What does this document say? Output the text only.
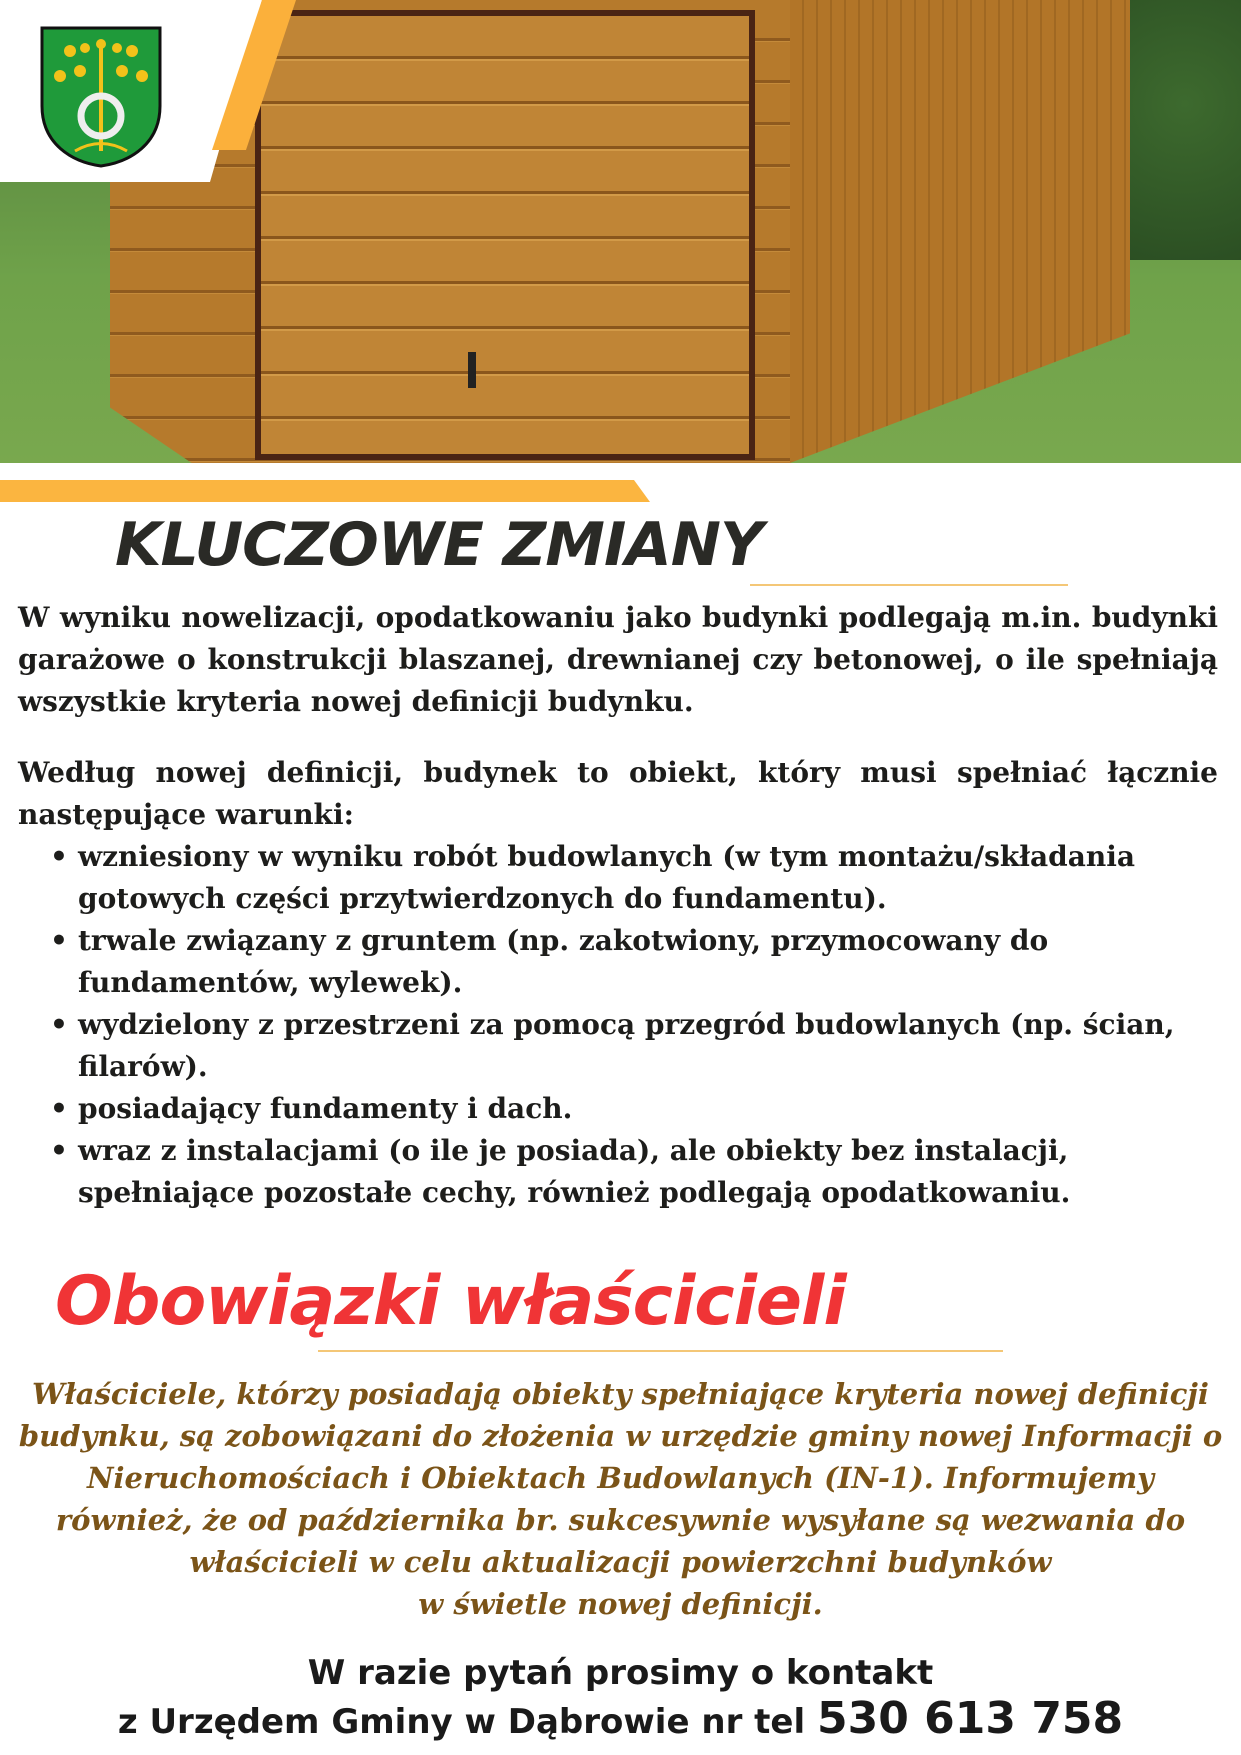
KLUCZOWE ZMIANY

W wyniku nowelizacji, opodatkowaniu jako budynki podlegają m.in. budynki garażowe o konstrukcji blaszanej, drewnianej czy betonowej, o ile spełniają wszystkie kryteria nowej definicji budynku.

Według nowej definicji, budynek to obiekt, który musi spełniać łącznie następujące warunki:

• wzniesiony w wyniku robót budowlanych (w tym montażu/składania gotowych części przytwierdzonych do fundamentu).
• trwale związany z gruntem (np. zakotwiony, przymocowany do fundamentów, wylewek).
• wydzielony z przestrzeni za pomocą przegród budowlanych (np. ścian, filarów).
• posiadający fundamenty i dach.
• wraz z instalacjami (o ile je posiada), ale obiekty bez instalacji, spełniające pozostałe cechy, również podlegają opodatkowaniu.
Obowiązki właścicieli
Właściciele, którzy posiadają obiekty spełniające kryteria nowej definicji
budynku, są zobowiązani do złożenia w urzędzie gminy nowej Informacji o
Nieruchomościach i Obiektach Budowlanych (IN-1). Informujemy
również, że od października br. sukcesywnie wysyłane są wezwania do
właścicieli w celu aktualizacji powierzchni budynków
w świetle nowej definicji.
W razie pytań prosimy o kontakt
z Urzędem Gminy w Dąbrowie nr tel 530 613 758
